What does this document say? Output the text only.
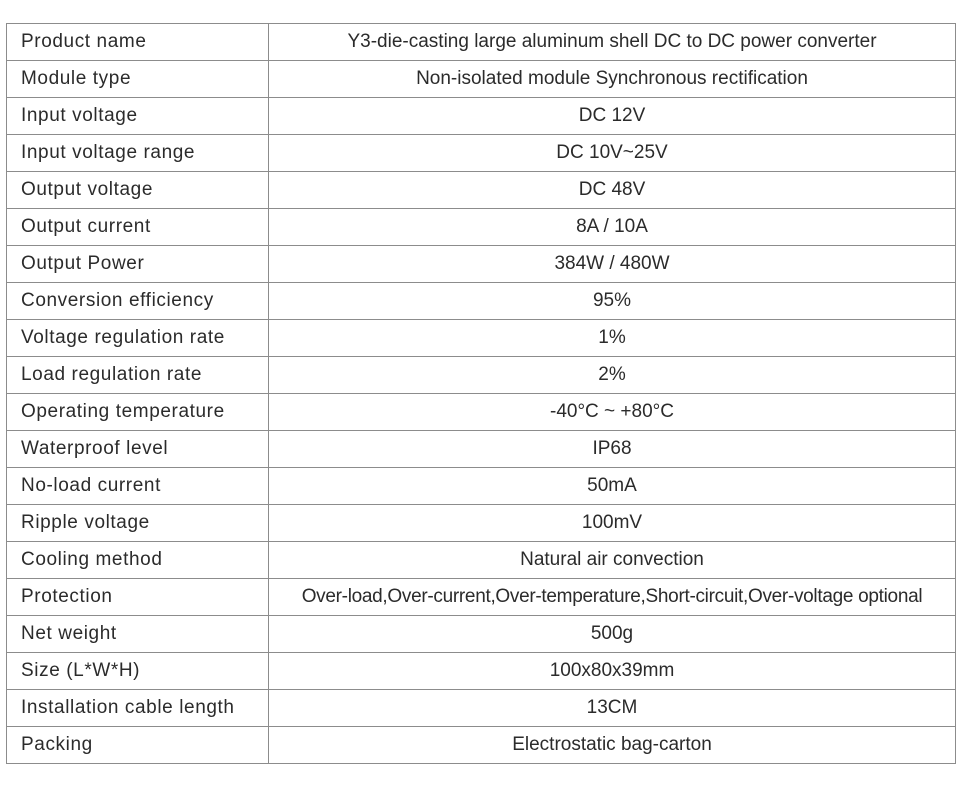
Product name	Y3-die-casting large aluminum shell DC to DC power converter
Module type	Non-isolated module Synchronous rectification
Input voltage	DC 12V
Input voltage range	DC 10V~25V
Output voltage	DC 48V
Output current	8A / 10A
Output Power	384W / 480W
Conversion efficiency	95%
Voltage regulation rate	1%
Load regulation rate	2%
Operating temperature	-40°C ~ +80°C
Waterproof level	IP68
No-load current	50mA
Ripple voltage	100mV
Cooling method	Natural air convection
Protection	Over-load,Over-current,Over-temperature,Short-circuit,Over-voltage optional
Net weight	500g
Size (L*W*H)	100x80x39mm
Installation cable length	13CM
Packing	Electrostatic bag-carton
